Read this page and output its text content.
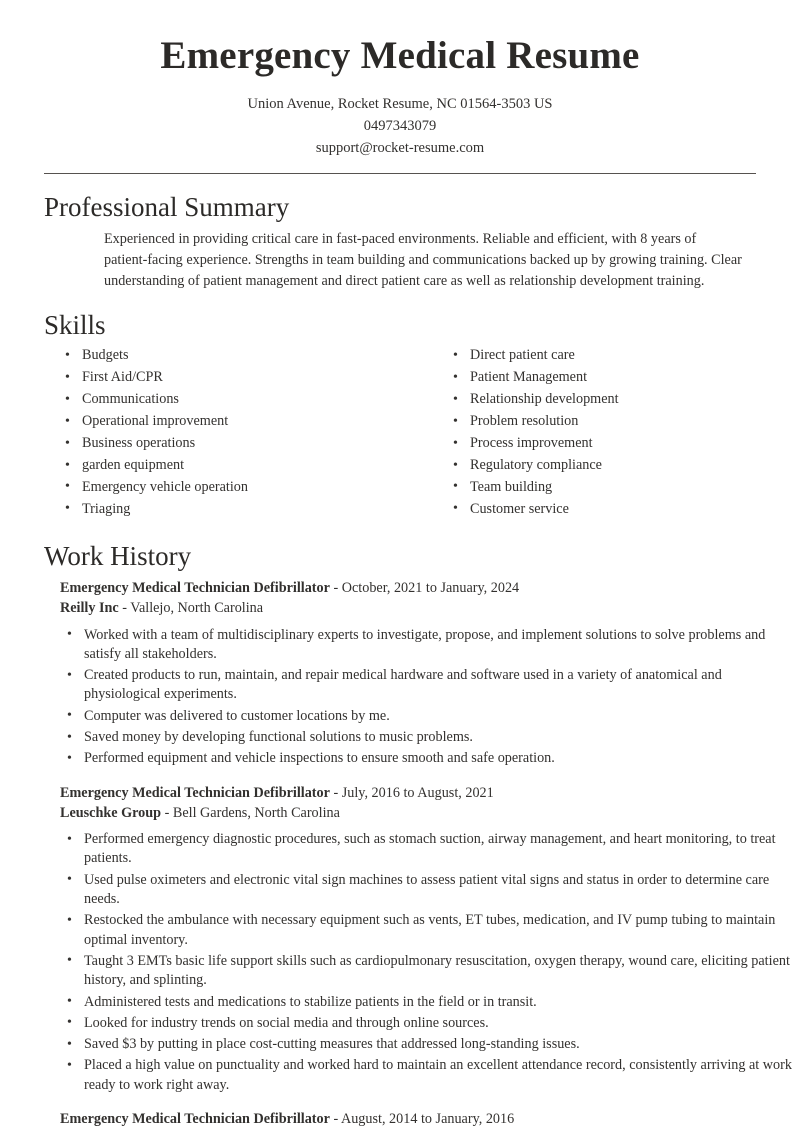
Emergency Medical Resume
Union Avenue, Rocket Resume, NC 01564-3503 US
0497343079
support@rocket-resume.com
Professional Summary

Experienced in providing critical care in fast-paced environments. Reliable and efficient, with 8 years of patient-facing experience. Strengths in team building and communications backed up by growing training. Clear understanding of patient management and direct patient care as well as relationship development training.

Skills
• Budgets
• First Aid/CPR
• Communications
• Operational improvement
• Business operations
• garden equipment
• Emergency vehicle operation
• Triaging
• Direct patient care
• Patient Management
• Relationship development
• Problem resolution
• Process improvement
• Regulatory compliance
• Team building
• Customer service
Work History
Emergency Medical Technician Defibrillator - October, 2021 to January, 2024
Reilly Inc - Vallejo, North Carolina
• Worked with a team of multidisciplinary experts to investigate, propose, and implement solutions to solve problems and satisfy all stakeholders.
• Created products to run, maintain, and repair medical hardware and software used in a variety of anatomical and physiological experiments.
• Computer was delivered to customer locations by me.
• Saved money by developing functional solutions to music problems.
• Performed equipment and vehicle inspections to ensure smooth and safe operation.
Emergency Medical Technician Defibrillator - July, 2016 to August, 2021
Leuschke Group - Bell Gardens, North Carolina
• Performed emergency diagnostic procedures, such as stomach suction, airway management, and heart monitoring, to treat patients.
• Used pulse oximeters and electronic vital sign machines to assess patient vital signs and status in order to determine care needs.
• Restocked the ambulance with necessary equipment such as vents, ET tubes, medication, and IV pump tubing to maintain optimal inventory.
• Taught 3 EMTs basic life support skills such as cardiopulmonary resuscitation, oxygen therapy, wound care, eliciting patient history, and splinting.
• Administered tests and medications to stabilize patients in the field or in transit.
• Looked for industry trends on social media and through online sources.
• Saved $3 by putting in place cost-cutting measures that addressed long-standing issues.
• Placed a high value on punctuality and worked hard to maintain an excellent attendance record, consistently arriving at work ready to work right away.
Emergency Medical Technician Defibrillator - August, 2014 to January, 2016
